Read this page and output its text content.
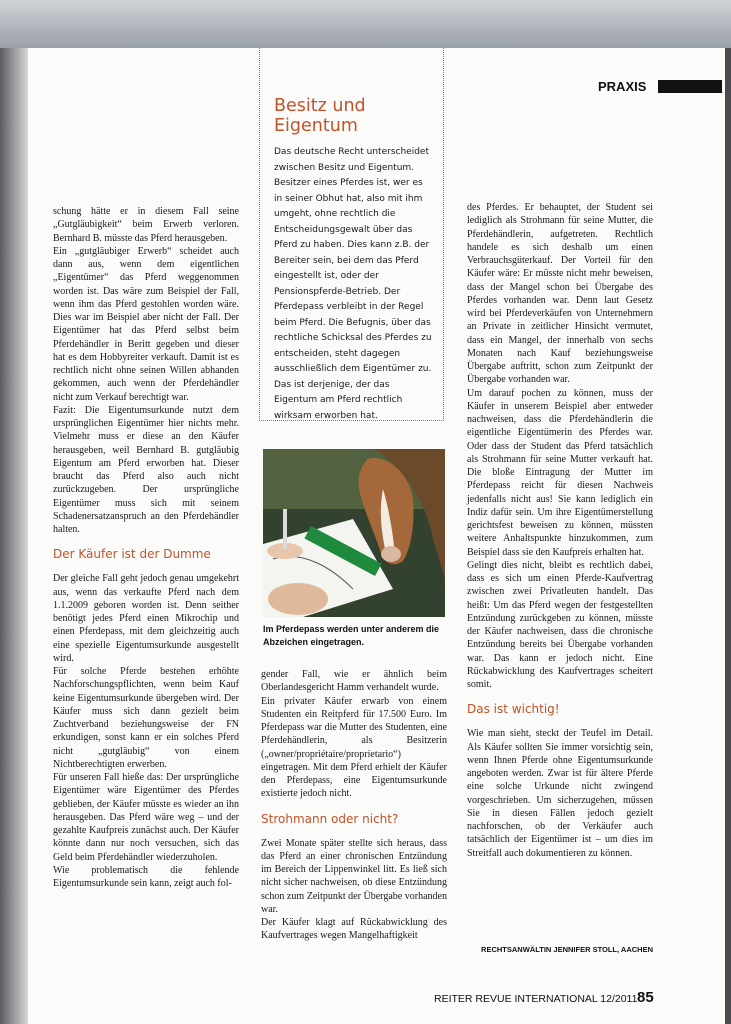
PRAXIS
Besitz und Eigentum

Das deutsche Recht unterscheidet zwischen Besitz und Eigentum. Besitzer eines Pferdes ist, wer es in seiner Obhut hat, also mit ihm umgeht, ohne rechtlich die Entscheidungsgewalt über das Pferd zu haben. Dies kann z.B. der Bereiter sein, bei dem das Pferd eingestellt ist, oder der Pensionspferde-Betrieb. Der Pferdepass verbleibt in der Regel beim Pferd. Die Befugnis, über das rechtliche Schicksal des Pferdes zu entscheiden, steht dagegen ausschließlich dem Eigentümer zu. Das ist derjenige, der das Eigentum am Pferd rechtlich wirksam erworben hat.

schung hätte er in diesem Fall seine „Gutgläubigkeit“ beim Erwerb verloren. Bernhard B. müsste das Pferd herausgeben.

Ein „gutgläubiger Erwerb“ scheidet auch dann aus, wenn dem eigentlichen „Eigentümer“ das Pferd weggenommen worden ist. Das wäre zum Beispiel der Fall, wenn ihm das Pferd gestohlen worden wäre. Dies war im Beispiel aber nicht der Fall. Der Eigentümer hat das Pferd selbst beim Pferdehändler in Beritt gegeben und dieser hat es dem Hobbyreiter verkauft. Damit ist es rechtlich nicht ohne seinen Willen abhanden gekommen, auch wenn der Pferdehändler nicht zum Verkauf berechtigt war.

Fazit: Die Eigentumsurkunde nutzt dem ursprünglichen Eigentümer hier nichts mehr. Vielmehr muss er diese an den Käufer herausgeben, weil Bernhard B. gutgläubig Eigentum am Pferd erworben hat. Dieser braucht das Pferd also auch nicht zurückzugeben. Der ursprüngliche Eigentümer muss sich mit seinem Schadenersatzanspruch an den Pferdehändler halten.

Der Käufer ist der Dumme

Der gleiche Fall geht jedoch genau umgekehrt aus, wenn das verkaufte Pferd nach dem 1.1.2009 geboren worden ist. Denn seither benötigt jedes Pferd einen Mikrochip und einen Pferdepass, mit dem gleichzeitig auch eine spezielle Eigentumsurkunde ausgestellt wird.

Für solche Pferde bestehen erhöhte Nachforschungspflichten, wenn beim Kauf keine Eigentumsurkunde übergeben wird. Der Käufer muss sich dann gezielt beim Zuchtverband beziehungsweise der FN erkundigen, sonst kann er ein solches Pferd nicht „gutgläubig“ von einem Nichtberechtigten erwerben.

Für unseren Fall hieße das: Der ursprüngliche Eigentümer wäre Eigentümer des Pferdes geblieben, der Käufer müsste es wieder an ihn herausgeben. Das Pferd wäre weg – und der gezahlte Kaufpreis zunächst auch. Der Käufer könnte dann nur noch versuchen, sich das Geld beim Pferdehändler wiederzuholen.

Wie problematisch die fehlende Eigentumsurkunde sein kann, zeigt auch fol-

Im Pferdepass werden unter anderem die Abzeichen eingetragen.

gender Fall, wie er ähnlich beim Oberlandesgericht Hamm verhandelt wurde.

Ein privater Käufer erwarb von einem Studenten ein Reitpferd für 17.500 Euro. Im Pferdepass war die Mutter des Studenten, eine Pferdehändlerin, als Besitzerin („owner/propriétaire/proprietario“) eingetragen. Mit dem Pferd erhielt der Käufer den Pferdepass, eine Eigentumsurkunde existierte jedoch nicht.

Strohmann oder nicht?

Zwei Monate später stellte sich heraus, dass das Pferd an einer chronischen Entzündung im Bereich der Lippenwinkel litt. Es ließ sich nicht sicher nachweisen, ob diese Entzündung schon zum Zeitpunkt der Übergabe vorhanden war.

Der Käufer klagt auf Rückabwicklung des Kaufvertrages wegen Mangelhaftigkeit

des Pferdes. Er behauptet, der Student sei lediglich als Strohmann für seine Mutter, die Pferdehändlerin, aufgetreten. Rechtlich handele es sich deshalb um einen Verbrauchsgüterkauf. Der Vorteil für den Käufer wäre: Er müsste nicht mehr beweisen, dass der Mangel schon bei Übergabe des Pferdes vorhanden war. Denn laut Gesetz wird bei Pferdeverkäufen von Unternehmern an Private in zeitlicher Hinsicht vermutet, dass ein Mangel, der innerhalb von sechs Monaten nach Kauf beziehungsweise Übergabe auftritt, schon zum Zeitpunkt der Übergabe vorhanden war.

Um darauf pochen zu können, muss der Käufer in unserem Beispiel aber entweder nachweisen, dass die Pferdehändlerin die eigentliche Eigentümerin des Pferdes war. Oder dass der Student das Pferd tatsächlich als Strohmann für seine Mutter verkauft hat. Die bloße Eintragung der Mutter im Pferdepass reicht für diesen Nachweis jedenfalls nicht aus! Sie kann lediglich ein Indiz dafür sein. Um ihre Eigentümerstellung gerichtsfest beweisen zu können, müssten weitere Anhaltspunkte hinzukommen, zum Beispiel dass sie den Kaufpreis erhalten hat.

Gelingt dies nicht, bleibt es rechtlich dabei, dass es sich um einen Pferde-Kaufvertrag zwischen zwei Privatleuten handelt. Das heißt: Um das Pferd wegen der festgestellten Entzündung zurückgeben zu können, müsste der Käufer nachweisen, dass die chronische Entzündung bereits bei Übergabe vorhanden war. Das kann er jedoch nicht. Eine Rückabwicklung des Kaufvertrages scheitert somit.

Das ist wichtig!

Wie man sieht, steckt der Teufel im Detail. Als Käufer sollten Sie immer vorsichtig sein, wenn Ihnen Pferde ohne Eigentumsurkunde angeboten werden. Zwar ist für ältere Pferde eine solche Urkunde nicht zwingend vorgeschrieben. Um sicherzugehen, müssen Sie in diesen Fällen jedoch gezielt nachforschen, ob der Verkäufer auch tatsächlich der Eigentümer ist – um dies im Streitfall auch dokumentieren zu können.

RECHTSANWÄLTIN JENNIFER STOLL, AACHEN
REITER REVUE INTERNATIONAL 12/2011 85
